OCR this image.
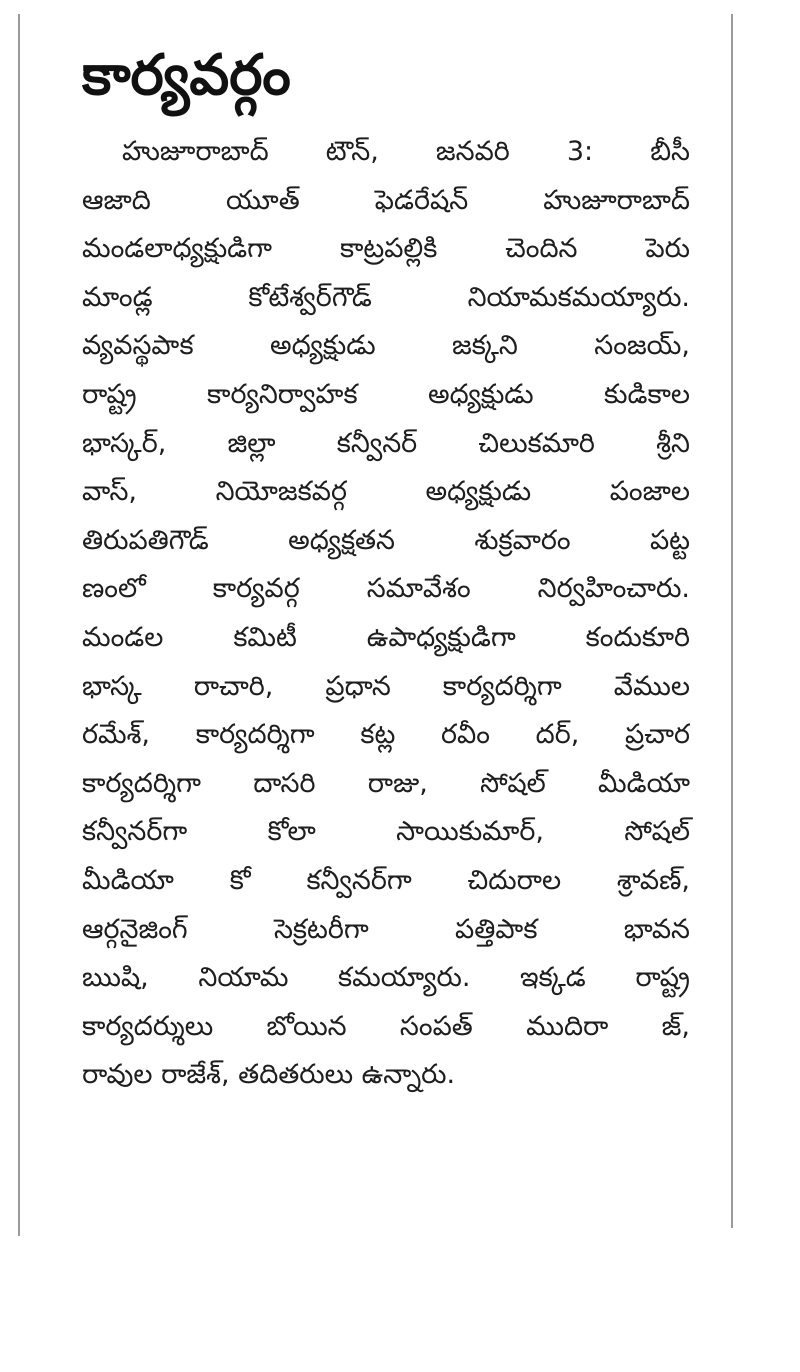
కార్యవర్గం
హుజూరాబాద్ టౌన్, జనవరి 3: బీసీ
ఆజాది యూత్ ఫెడరేషన్ హుజూరాబాద్
మండలాధ్యక్షుడిగా కాట్రపల్లికి చెందిన పెరు
మాండ్ల కోటేశ్వర్‌గౌడ్ నియామకమయ్యారు.
వ్యవస్థపాక అధ్యక్షుడు జక్కని సంజయ్,
రాష్ట్ర కార్యనిర్వాహక అధ్యక్షుడు కుడికాల
భాస్కర్, జిల్లా కన్వీనర్ చిలుకమారి శ్రీని
వాస్, నియోజకవర్గ అధ్యక్షుడు పంజాల
తిరుపతిగౌడ్ అధ్యక్షతన శుక్రవారం పట్ట
ణంలో కార్యవర్గ సమావేశం నిర్వహించారు.
మండల కమిటీ ఉపాధ్యక్షుడిగా కందుకూరి
భాస్క రాచారి, ప్రధాన కార్యదర్శిగా వేముల
రమేశ్, కార్యదర్శిగా కట్ల రవీం దర్, ప్రచార
కార్యదర్శిగా దాసరి రాజు, సోషల్ మీడియా
కన్వీనర్‌గా కోలా సాయికుమార్, సోషల్
మీడియా కో కన్వీనర్‌గా చిదురాల శ్రావణ్,
ఆర్గనైజింగ్ సెక్రటరీగా పత్తిపాక భావన
ఋషి, నియామ కమయ్యారు. ఇక్కడ రాష్ట్ర
కార్యదర్శులు బోయిన సంపత్ ముదిరా జ్,
రావుల రాజేశ్, తదితరులు ఉన్నారు.
